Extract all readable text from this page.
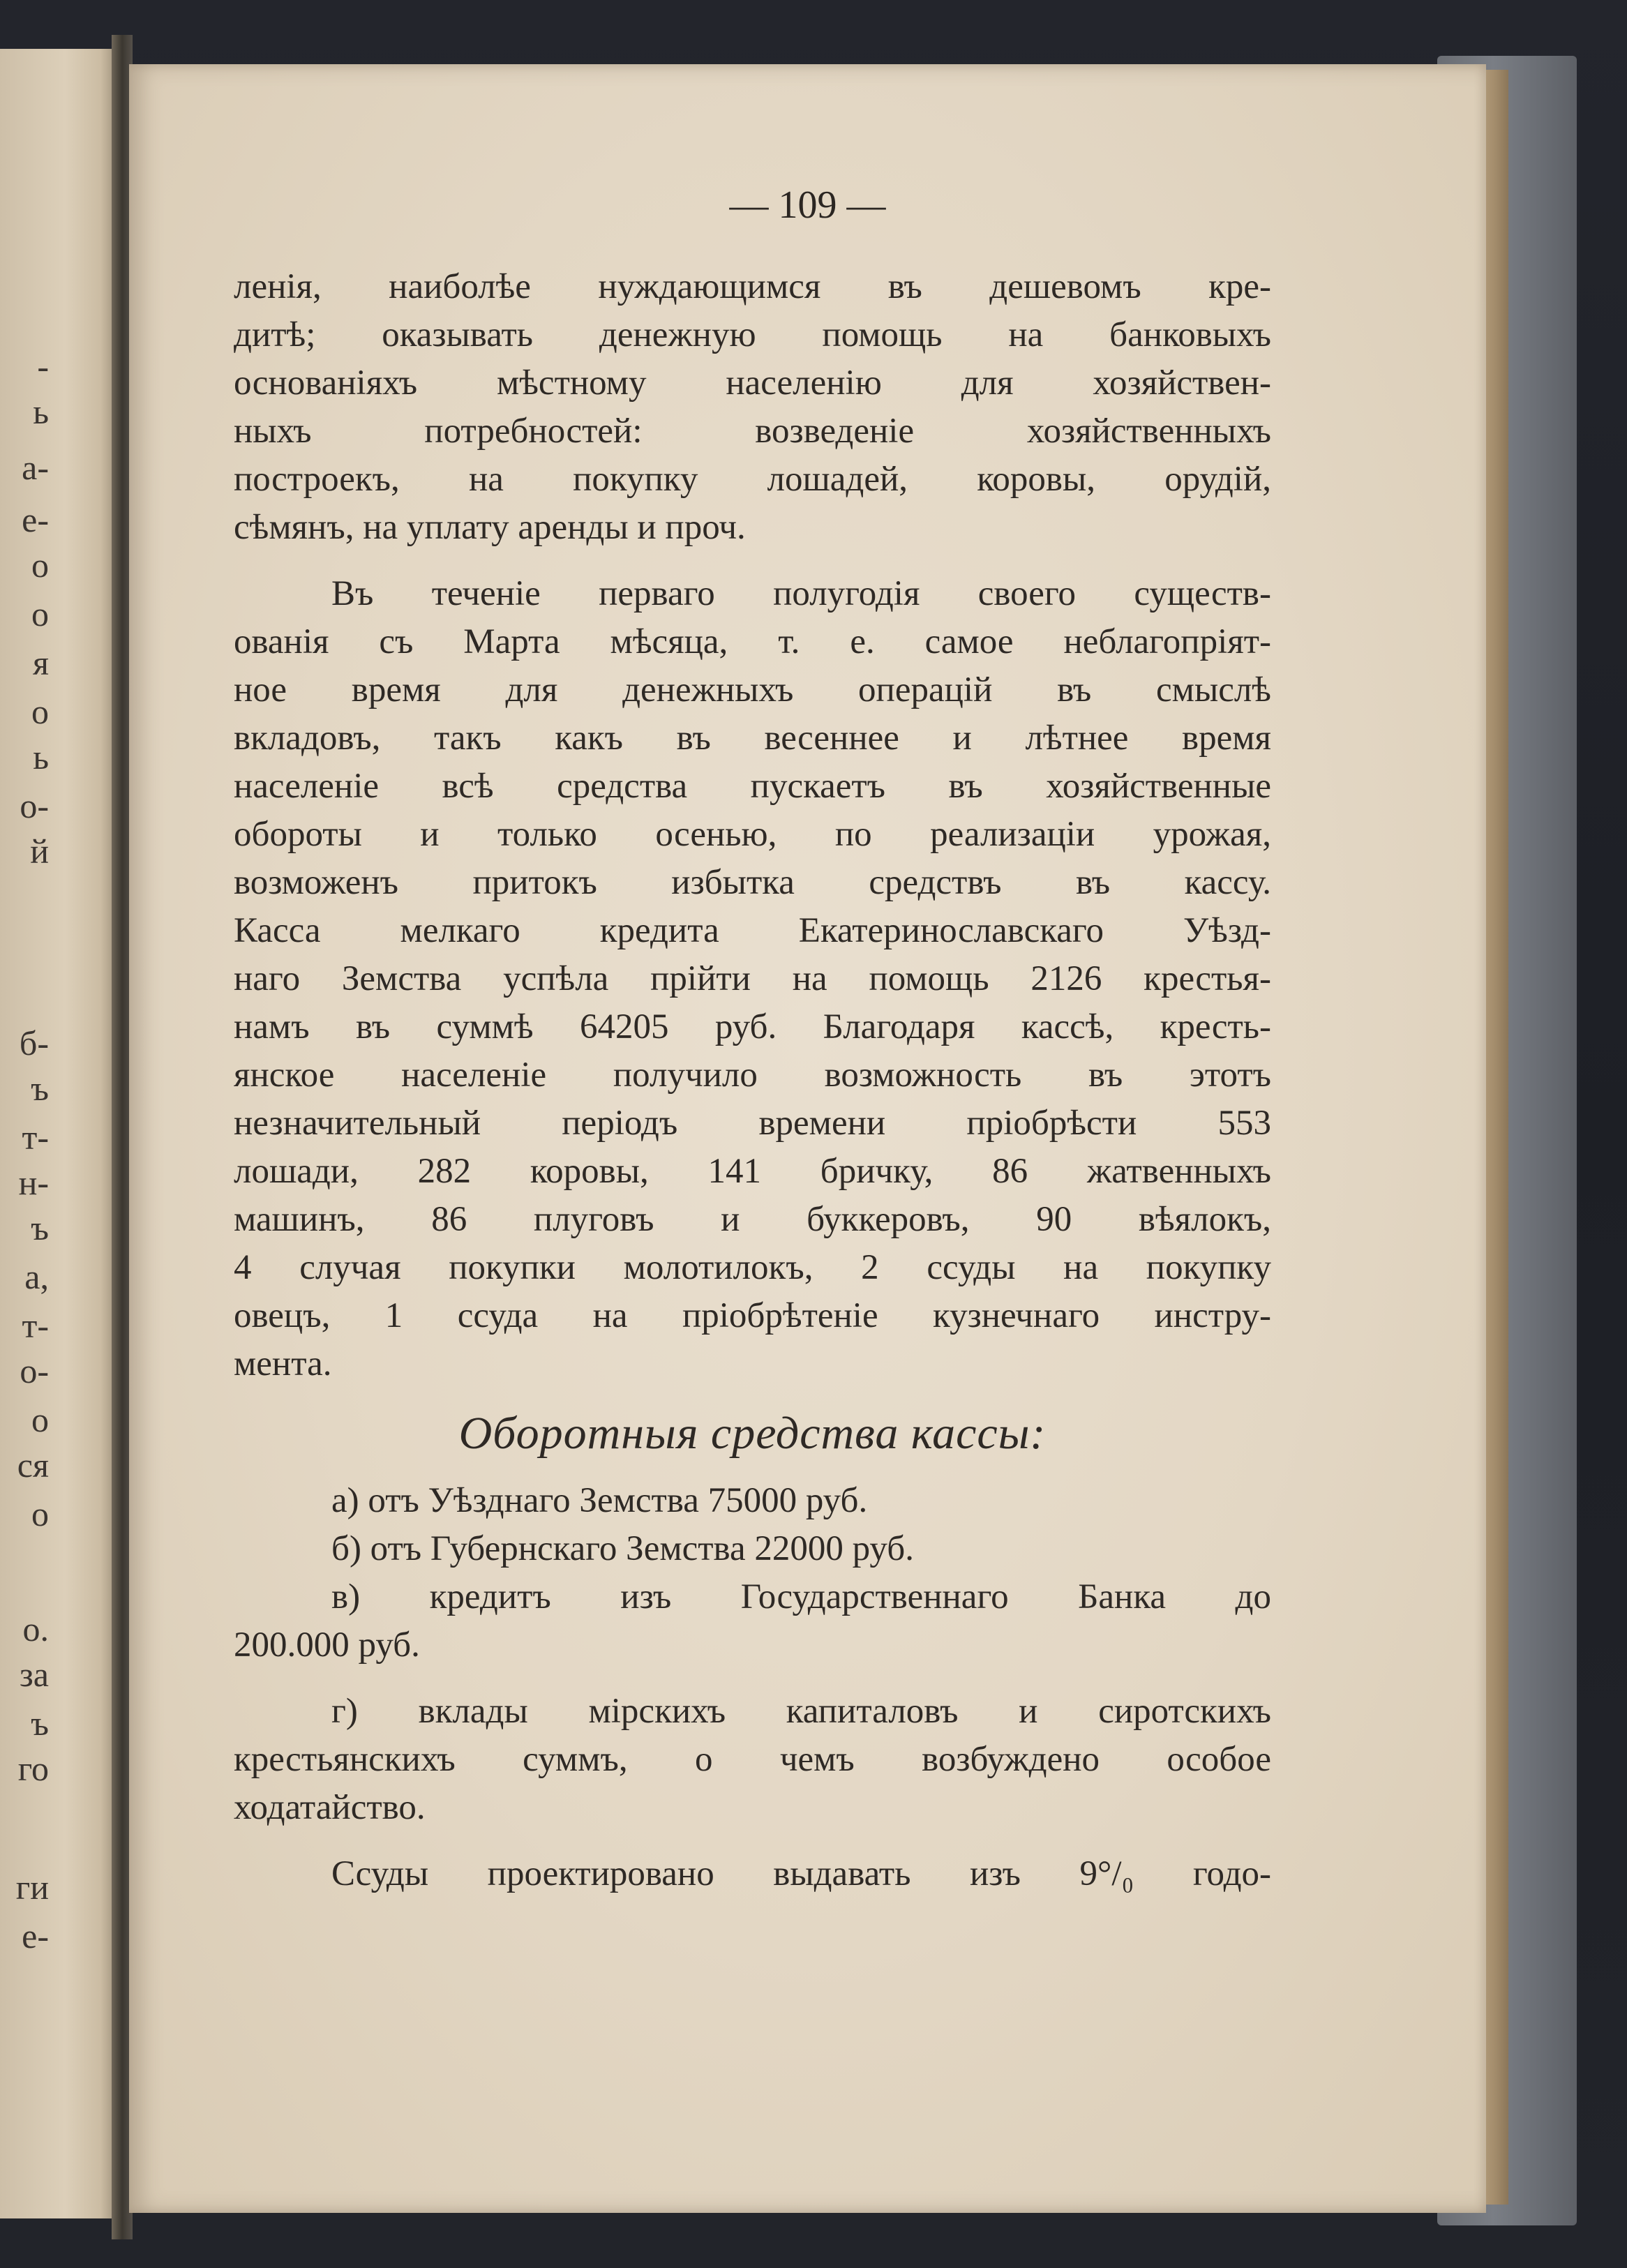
-
ь
а-
е-
о
о
я
о
ь
о-
й
б-
ъ
т-
н-
ъ
а,
т-
о-
о
ся
о
о.
за
ъ
го
ги
е-
— 109 —
ленія, наиболѣе нуждающимся въ дешевомъ кре-
дитѣ; оказывать денежную помощь на банковыхъ
основаніяхъ мѣстному населенію для хозяйствен-
ныхъ потребностей: возведеніе хозяйственныхъ
построекъ, на покупку лошадей, коровы, орудій,
сѣмянъ, на уплату аренды и проч.
Въ теченіе перваго полугодія своего существ-
ованія съ Марта мѣсяца, т. е. самое неблагопріят-
ное время для денежныхъ операцій въ смыслѣ
вкладовъ, такъ какъ въ весеннее и лѣтнее время
населеніе всѣ средства пускаетъ въ хозяйственные
обороты и только осенью, по реализаціи урожая,
возможенъ притокъ избытка средствъ въ кассу.
Касса мелкаго кредита Екатеринославскаго Уѣзд-
наго Земства успѣла прійти на помощь 2126 крестья-
намъ въ суммѣ 64205 руб. Благодаря кассѣ, кресть-
янское населеніе получило возможность въ этотъ
незначительный періодъ времени пріобрѣсти 553
лошади, 282 коровы, 141 бричку, 86 жатвенныхъ
машинъ, 86 плуговъ и буккеровъ, 90 вѣялокъ,
4 случая покупки молотилокъ, 2 ссуды на покупку
овецъ, 1 ссуда на пріобрѣтеніе кузнечнаго инстру-
мента.
Оборотныя средства кассы:
а) отъ Уѣзднаго Земства 75000 руб.
б) отъ Губернскаго Земства 22000 руб.
в) кредитъ изъ Государственнаго Банка до
200.000 руб.
г) вклады мірскихъ капиталовъ и сиротскихъ
крестьянскихъ суммъ, о чемъ возбуждено особое
ходатайство.
Ссуды проектировано выдавать изъ 9°/₀ годо-
